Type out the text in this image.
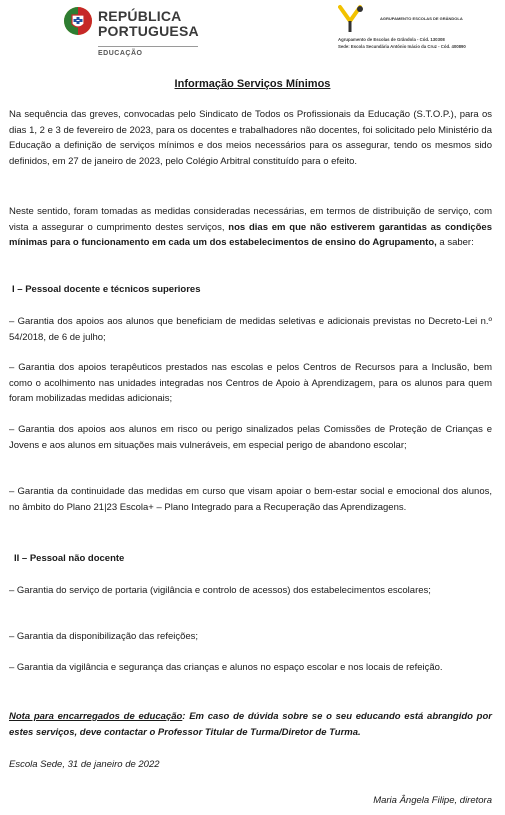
REPÚBLICA
PORTUGUESA
EDUCAÇÃO
AGRUPAMENTO ESCOLAS DE GRÂNDOLA
Agrupamento de Escolas de Grândola - Cód. 130308
Sede: Escola Secundária António Inácio da Cruz - Cód. 400890
Informação Serviços Mínimos

Na sequência das greves, convocadas pelo Sindicato de Todos os Profissionais da Educação (S.T.O.P.), para os dias 1, 2 e 3 de fevereiro de 2023, para os docentes e trabalhadores não docentes, foi solicitado pelo Ministério da Educação a definição de serviços mínimos e dos meios necessários para os assegurar, tendo os mesmos sido definidos, em 27 de janeiro de 2023, pelo Colégio Arbitral constituído para o efeito.

Neste sentido, foram tomadas as medidas consideradas necessárias, em termos de distribuição de serviço, com vista a assegurar o cumprimento destes serviços, nos dias em que não estiverem garantidas as condições mínimas para o funcionamento em cada um dos estabelecimentos de ensino do Agrupamento, a saber:

I – Pessoal docente e técnicos superiores

– Garantia dos apoios aos alunos que beneficiam de medidas seletivas e adicionais previstas no Decreto-Lei n.º 54/2018, de 6 de julho;

– Garantia dos apoios terapêuticos prestados nas escolas e pelos Centros de Recursos para a Inclusão, bem como o acolhimento nas unidades integradas nos Centros de Apoio à Aprendizagem, para os alunos para quem foram mobilizadas medidas adicionais;

– Garantia dos apoios aos alunos em risco ou perigo sinalizados pelas Comissões de Proteção de Crianças e Jovens e aos alunos em situações mais vulneráveis, em especial perigo de abandono escolar;

– Garantia da continuidade das medidas em curso que visam apoiar o bem-estar social e emocional dos alunos, no âmbito do Plano 21|23 Escola+ – Plano Integrado para a Recuperação das Aprendizagens.

II – Pessoal não docente

– Garantia do serviço de portaria (vigilância e controlo de acessos) dos estabelecimentos escolares;

– Garantia da disponibilização das refeições;

– Garantia da vigilância e segurança das crianças e alunos no espaço escolar e nos locais de refeição.

Nota para encarregados de educação: Em caso de dúvida sobre se o seu educando está abrangido por estes serviços, deve contactar o Professor Titular de Turma/Diretor de Turma.

Escola Sede, 31 de janeiro de 2022
Maria Ângela Filipe, diretora
